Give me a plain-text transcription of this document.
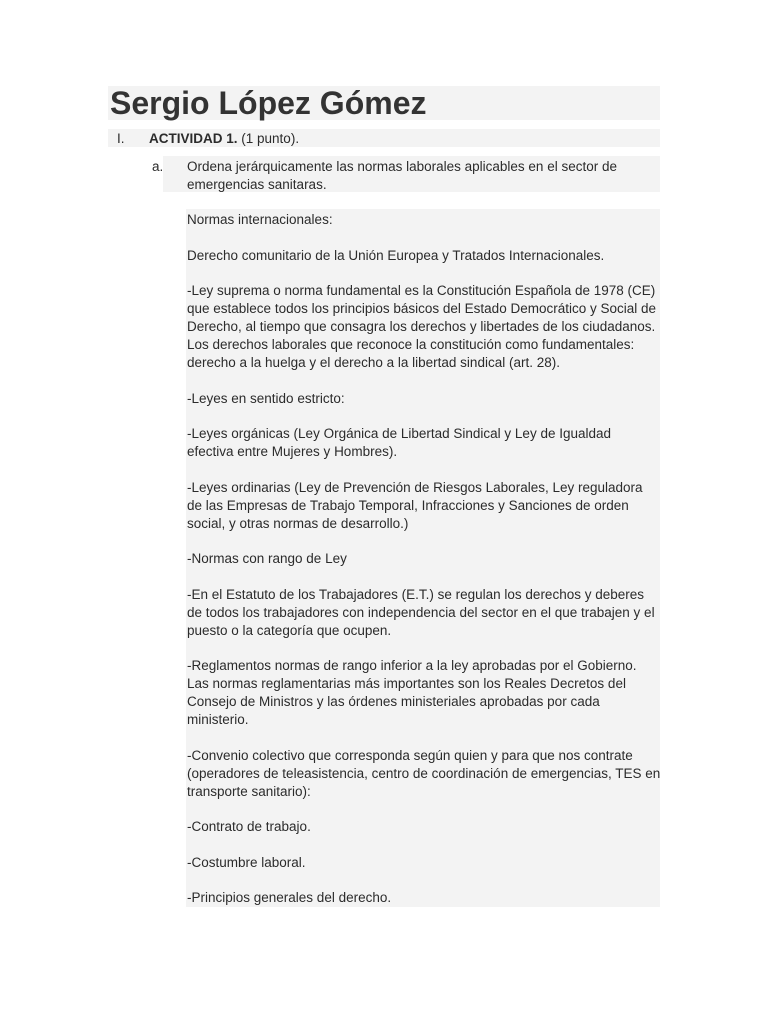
Sergio López Gómez
I. ACTIVIDAD 1. (1 punto).
a. Ordena jerárquicamente las normas laborales aplicables en el sector de emergencias sanitaras.

Normas internacionales:

Derecho comunitario de la Unión Europea y Tratados Internacionales.

-Ley suprema o norma fundamental es la Constitución Española de 1978 (CE) que establece todos los principios básicos del Estado Democrático y Social de Derecho, al tiempo que consagra los derechos y libertades de los ciudadanos. Los derechos laborales que reconoce la constitución como fundamentales: derecho a la huelga y el derecho a la libertad sindical (art. 28).

-Leyes en sentido estricto:

-Leyes orgánicas (Ley Orgánica de Libertad Sindical y Ley de Igualdad efectiva entre Mujeres y Hombres).

-Leyes ordinarias (Ley de Prevención de Riesgos Laborales, Ley reguladora de las Empresas de Trabajo Temporal, Infracciones y Sanciones de orden social, y otras normas de desarrollo.)

-Normas con rango de Ley

-En el Estatuto de los Trabajadores (E.T.) se regulan los derechos y deberes de todos los trabajadores con independencia del sector en el que trabajen y el puesto o la categoría que ocupen.

-Reglamentos normas de rango inferior a la ley aprobadas por el Gobierno. Las normas reglamentarias más importantes son los Reales Decretos del Consejo de Ministros y las órdenes ministeriales aprobadas por cada ministerio.

-Convenio colectivo que corresponda según quien y para que nos contrate (operadores de teleasistencia, centro de coordinación de emergencias, TES en transporte sanitario):

-Contrato de trabajo.

-Costumbre laboral.

-Principios generales del derecho.
